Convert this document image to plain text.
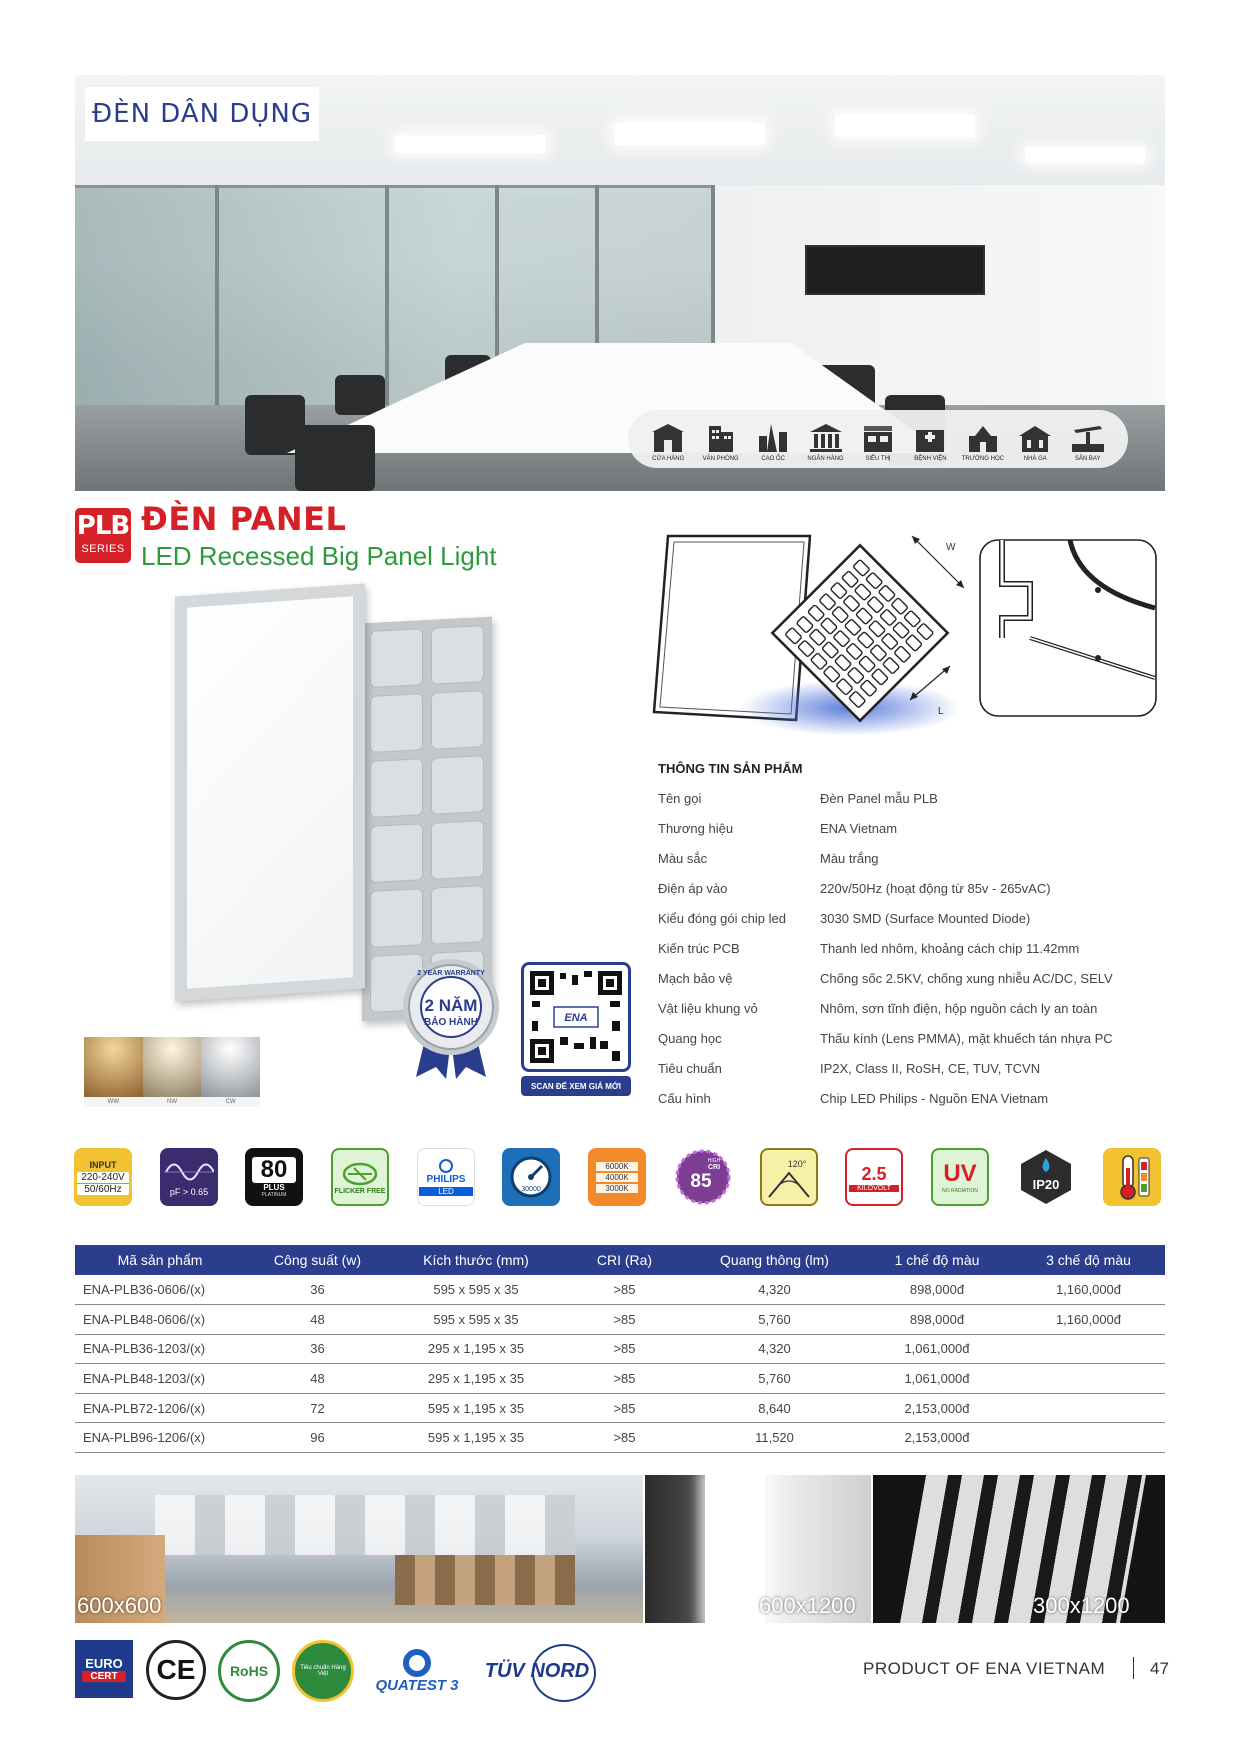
ĐÈN DÂN DỤNG
CỬA HÀNG	VĂN PHÒNG	CAO ỐC	NGÂN HÀNG	SIÊU THỊ	BỆNH VIỆN	TRƯỜNG HỌC	NHÀ GA	SÂN BAY
PLB
SERIES
ĐÈN PANEL
LED Recessed Big Panel Light
WW	NW	CW
2 YEAR WARRANTY
2 NĂM
BẢO HÀNH	ENA
SCAN ĐỂ XEM GIÁ MỚI
W
L
THÔNG TIN SẢN PHẨM
Tên gọi	Đèn Panel mẫu PLB
Thương hiệu	ENA Vietnam
Màu sắc	Màu trắng
Điện áp vào	220v/50Hz (hoạt động từ 85v - 265vAC)
Kiểu đóng gói chip led	3030 SMD (Surface Mounted Diode)
Kiến trúc PCB	Thanh led nhôm, khoảng cách chip 11.42mm
Mạch bảo vệ	Chống sốc 2.5KV, chống xung nhiễu AC/DC, SELV
Vật liệu khung vỏ	Nhôm, sơn tĩnh điện, hộp nguồn cách ly an toàn
Quang học	Thấu kính (Lens PMMA), mặt khuếch tán nhựa PC
Tiêu chuẩn	IP2X, Class II, RoSH, CE, TUV, TCVN
Cấu hình	Chip LED Philips - Nguồn ENA Vietnam
INPUT
220-240V
50/60Hz	pF > 0.65
80
PLUS
PLATINUM	FLICKER FREE
PHILIPS
LED	30000
6000K
4000K
3000K
HIGH
CRI
85
120°	2.5
KILOVOLT
UV
NO RADIATION	IP20
Mã sản phẩm	Công suất (w)	Kích thước (mm)	CRI (Ra)	Quang thông (lm)	1 chế độ màu	3 chế độ màu
ENA-PLB36-0606/(x)	36	595 x 595 x 35	>85	4,320	898,000đ	1,160,000đ
ENA-PLB48-0606/(x)	48	595 x 595 x 35	>85	5,760	898,000đ	1,160,000đ
ENA-PLB36-1203/(x)	36	295 x 1,195 x 35	>85	4,320	1,061,000đ	
ENA-PLB48-1203/(x)	48	295 x 1,195 x 35	>85	5,760	1,061,000đ	
ENA-PLB72-1206/(x)	72	595 x 1,195 x 35	>85	8,640	2,153,000đ	
ENA-PLB96-1206/(x)	96	595 x 1,195 x 35	>85	11,520	2,153,000đ	
600x600	600x1200	300x1200
EURO
CERT CE RoHS	Tiêu chuẩn Hàng Việt
QUATEST 3
TÜV NORD	PRODUCT OF ENA VIETNAM	47
